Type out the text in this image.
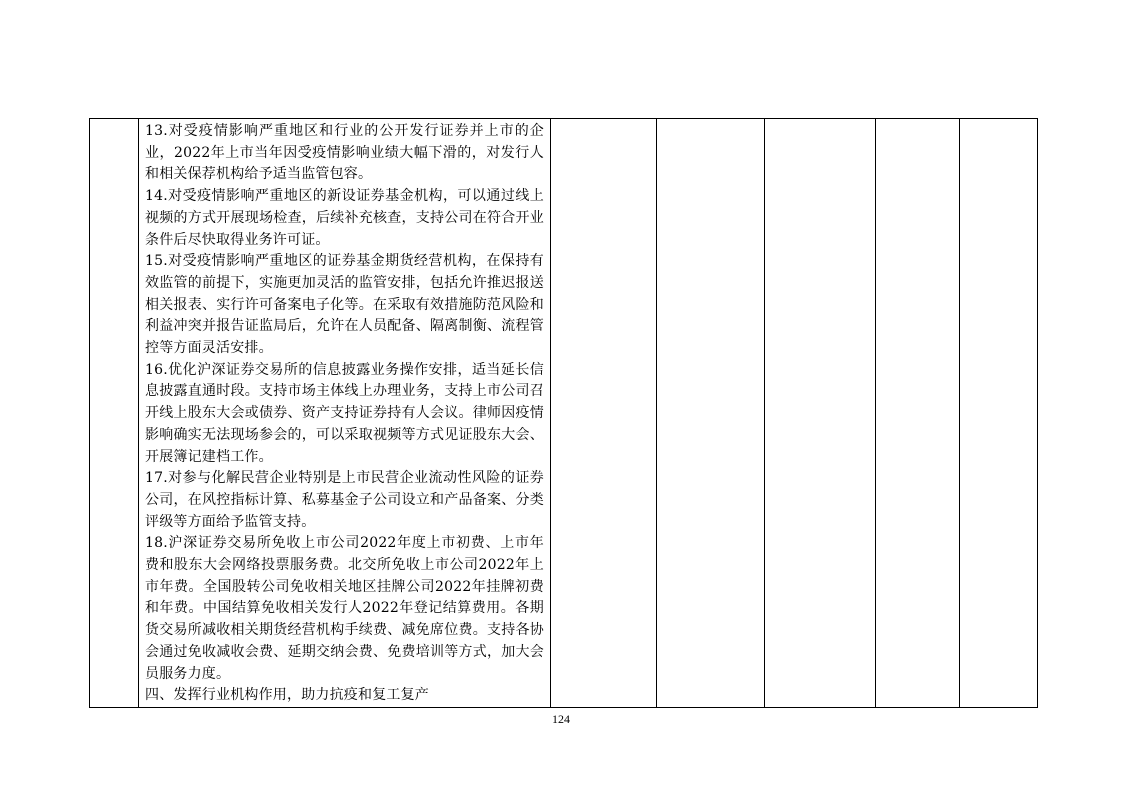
13.对受疫情影响严重地区和行业的公开发行证券并上市的企业，2022年上市当年因受疫情影响业绩大幅下滑的，对发行人和相关保荐机构给予适当监管包容。

14.对受疫情影响严重地区的新设证券基金机构，可以通过线上视频的方式开展现场检查，后续补充核查，支持公司在符合开业条件后尽快取得业务许可证。

15.对受疫情影响严重地区的证券基金期货经营机构，在保持有效监管的前提下，实施更加灵活的监管安排，包括允许推迟报送相关报表、实行许可备案电子化等。在采取有效措施防范风险和利益冲突并报告证监局后，允许在人员配备、隔离制衡、流程管控等方面灵活安排。

16.优化沪深证券交易所的信息披露业务操作安排，适当延长信息披露直通时段。支持市场主体线上办理业务，支持上市公司召开线上股东大会或债券、资产支持证券持有人会议。律师因疫情影响确实无法现场参会的，可以采取视频等方式见证股东大会、开展簿记建档工作。

17.对参与化解民营企业特别是上市民营企业流动性风险的证券公司，在风控指标计算、私募基金子公司设立和产品备案、分类评级等方面给予监管支持。

18.沪深证券交易所免收上市公司2022年度上市初费、上市年费和股东大会网络投票服务费。北交所免收上市公司2022年上市年费。全国股转公司免收相关地区挂牌公司2022年挂牌初费和年费。中国结算免收相关发行人2022年登记结算费用。各期货交易所减收相关期货经营机构手续费、减免席位费。支持各协会通过免收减收会费、延期交纳会费、免费培训等方式，加大会员服务力度。

四、发挥行业机构作用，助力抗疫和复工复产

124
